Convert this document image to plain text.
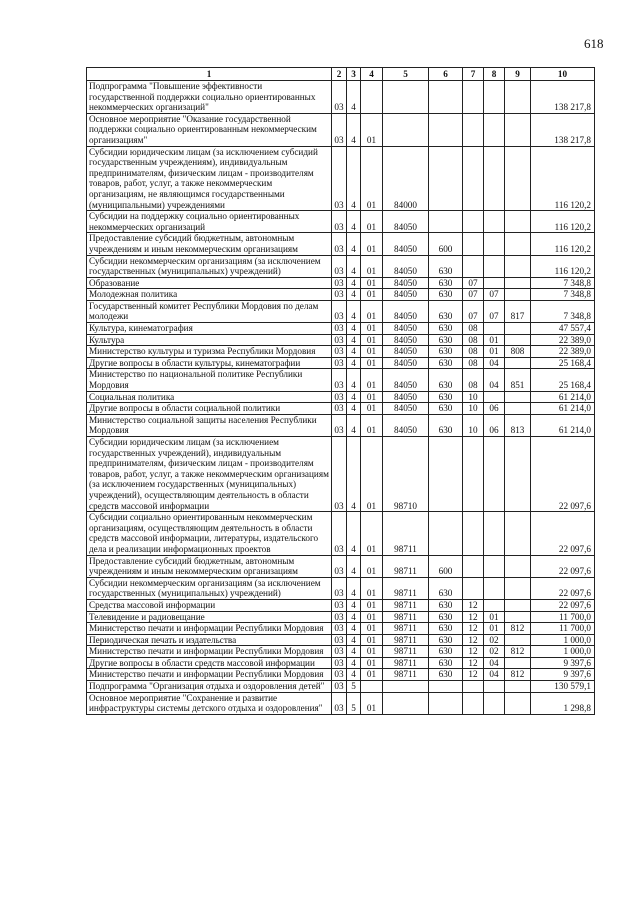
618
1	2	3	4	5	6	7	8	9	10
Подпрограмма "Повышение эффективности государственной поддержки социально ориентированных некоммерческих организаций"	03	4							138 217,8
Основное мероприятие "Оказание государственной поддержки социально ориентированным некоммерческим организациям"	03	4	01						138 217,8
Субсидии юридическим лицам (за исключением субсидий государственным учреждениям), индивидуальным предпринимателям, физическим лицам - производителям товаров, работ, услуг, а также некоммерческим организациям, не являющимся государственными (муниципальными) учреждениями	03	4	01	84000					116 120,2
Субсидии на поддержку социально ориентированных некоммерческих организаций	03	4	01	84050					116 120,2
Предоставление субсидий бюджетным, автономным учреждениям и иным некоммерческим организациям	03	4	01	84050	600				116 120,2
Субсидии некоммерческим организациям (за исключением государственных (муниципальных) учреждений)	03	4	01	84050	630				116 120,2
Образование	03	4	01	84050	630	07			7 348,8
Молодежная политика	03	4	01	84050	630	07	07		7 348,8
Государственный комитет Республики Мордовия по делам молодежи	03	4	01	84050	630	07	07	817	7 348,8
Культура, кинематография	03	4	01	84050	630	08			47 557,4
Культура	03	4	01	84050	630	08	01		22 389,0
Министерство культуры и туризма Республики Мордовия	03	4	01	84050	630	08	01	808	22 389,0
Другие вопросы в области культуры, кинематографии	03	4	01	84050	630	08	04		25 168,4
Министерство по национальной политике Республики Мордовия	03	4	01	84050	630	08	04	851	25 168,4
Социальная политика	03	4	01	84050	630	10			61 214,0
Другие вопросы в области социальной политики	03	4	01	84050	630	10	06		61 214,0
Министерство социальной защиты населения Республики Мордовия	03	4	01	84050	630	10	06	813	61 214,0
Субсидии юридическим лицам (за исключением государственных учреждений), индивидуальным предпринимателям, физическим лицам - производителям товаров, работ, услуг, а также некоммерческим организациям (за исключением государственных (муниципальных) учреждений), осуществляющим деятельность в области средств массовой информации	03	4	01	98710					22 097,6
Субсидии социально ориентированным некоммерческим организациям, осуществляющим деятельность в области средств массовой информации, литературы, издательского дела и реализации информационных проектов	03	4	01	98711					22 097,6
Предоставление субсидий бюджетным, автономным учреждениям и иным некоммерческим организациям	03	4	01	98711	600				22 097,6
Субсидии некоммерческим организациям (за исключением государственных (муниципальных) учреждений)	03	4	01	98711	630				22 097,6
Средства массовой информации	03	4	01	98711	630	12			22 097,6
Телевидение и радиовещание	03	4	01	98711	630	12	01		11 700,0
Министерство печати и информации Республики Мордовия	03	4	01	98711	630	12	01	812	11 700,0
Периодическая печать и издательства	03	4	01	98711	630	12	02		1 000,0
Министерство печати и информации Республики Мордовия	03	4	01	98711	630	12	02	812	1 000,0
Другие вопросы в области средств массовой информации	03	4	01	98711	630	12	04		9 397,6
Министерство печати и информации Республики Мордовия	03	4	01	98711	630	12	04	812	9 397,6
Подпрограмма "Организация отдыха и оздоровления детей"	03	5							130 579,1
Основное мероприятие "Сохранение и развитие инфраструктуры системы детского отдыха и оздоровления"	03	5	01						1 298,8
